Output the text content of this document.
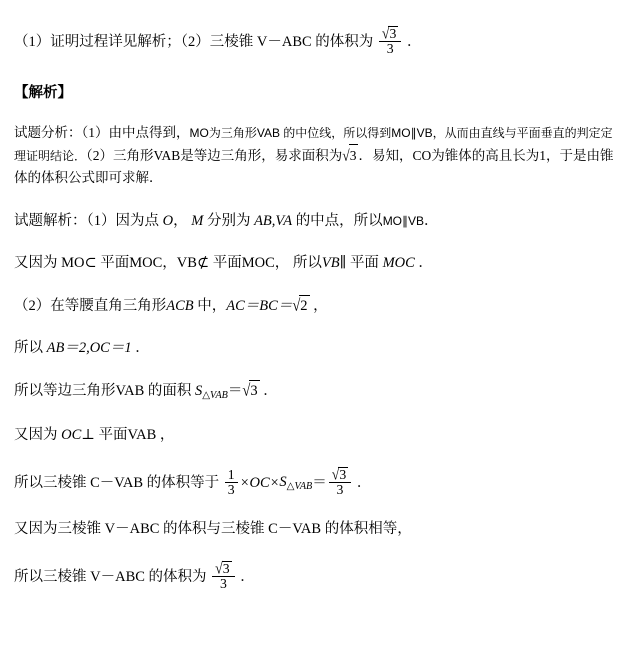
（1）证明过程详见解析；（2）三棱锥 V－ABC 的体积为 $\frac{√3}{3}$ ．
【解析】
试题分析：（1）由中点得到，MO为三角形VAB 的中位线，所以得到MO∥VB，从而由直线与平面垂直的判定定理证明结论．（2）三角形VAB是等边三角形，易求面积为√3 ．易知，CO为锥体的高且长为1，于是由锥体的体积公式即可求解．
试题解析：（1）因为点 O， M 分别为 AB,VA 的中点，所以MO∥VB．
又因为 MO⊂ 平面MOC，VB⊄ 平面MOC， 所以VB∥ 平面 MOC ．
（2）在等腰直角三角形ACB 中，AC＝BC＝√2 ，
所以 AB＝2,OC＝1 ．
所以等边三角形VAB 的面积 $S_{\triangle VAB}=√3$ ．
又因为 OC⊥ 平面VAB ，
所以三棱锥 C－VAB 的体积等于 $\frac{1}{3} \times OC\times S_{\triangle VAB}= \frac{√3}{3}$ ．
又因为三棱锥 V－ABC 的体积与三棱锥 C－VAB 的体积相等，
所以三棱锥 V－ABC 的体积为 $\frac{√3}{3}$ ．
